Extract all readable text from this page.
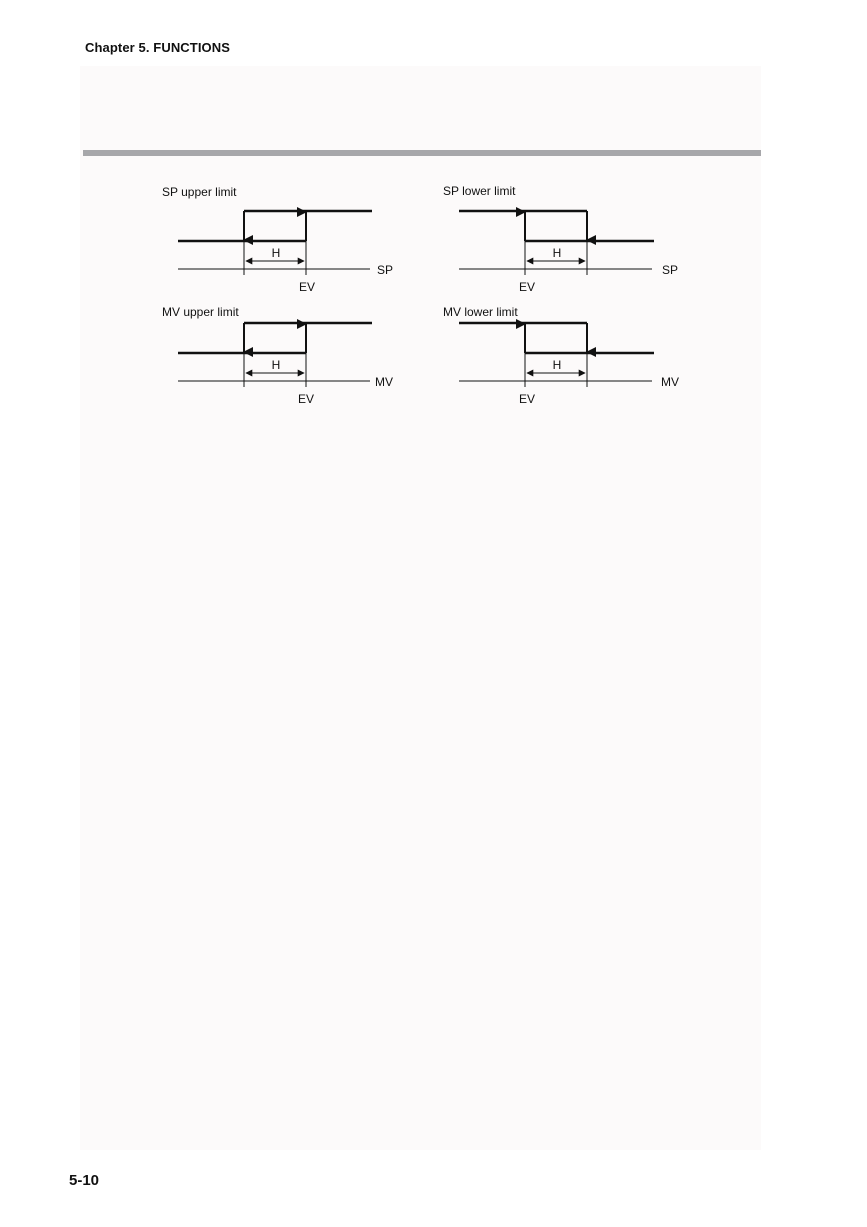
Chapter 5. FUNCTIONS
SP upper limit
H
SP
EV
SP lower limit
H
SP
EV
MV upper limit
H
MV
EV
MV lower limit
H
MV
EV
5-10
